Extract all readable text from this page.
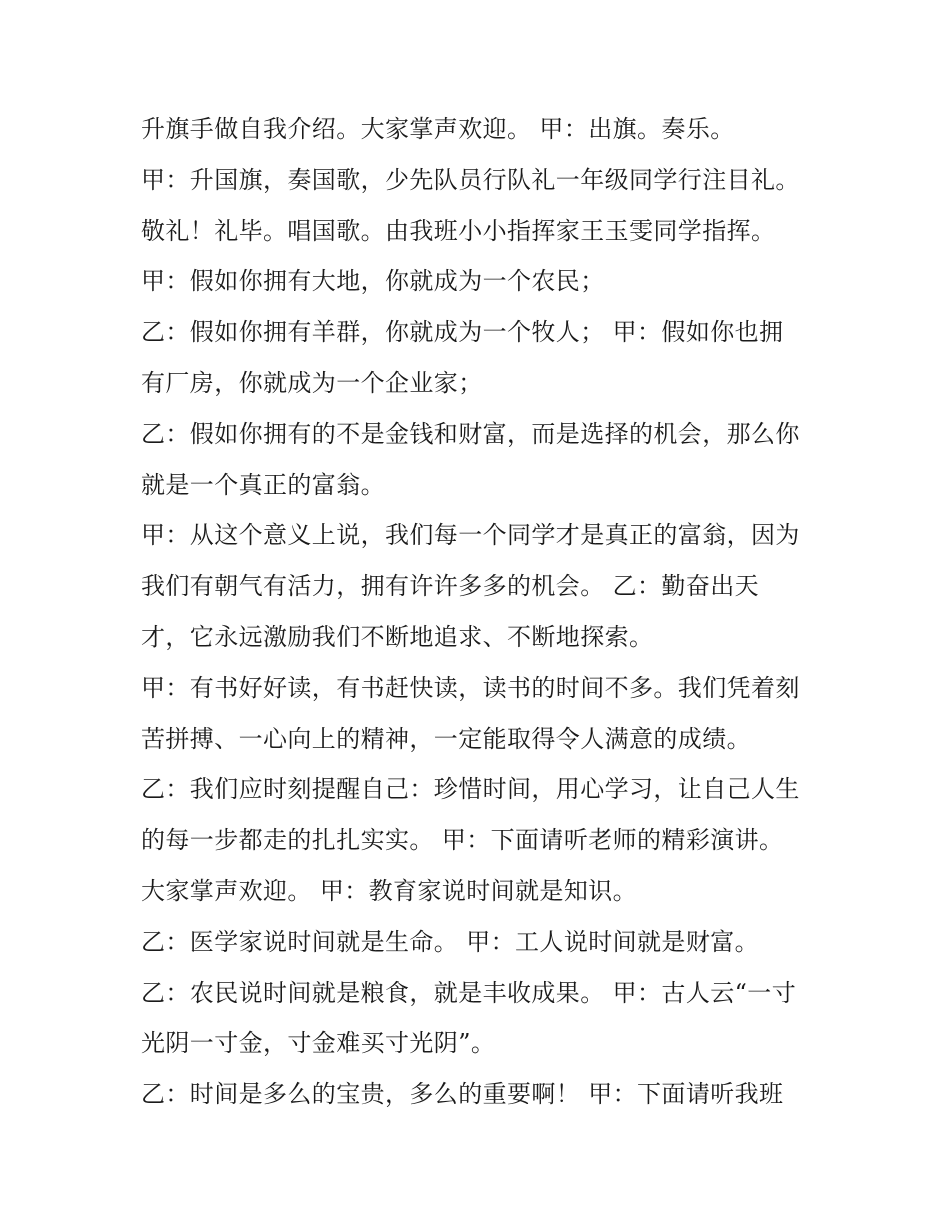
升旗手做自我介绍。大家掌声欢迎。 甲：出旗。奏乐。
甲：升国旗，奏国歌，少先队员行队礼一年级同学行注目礼。
敬礼！礼毕。唱国歌。由我班小小指挥家王玉雯同学指挥。
甲：假如你拥有大地，你就成为一个农民；
乙：假如你拥有羊群，你就成为一个牧人； 甲：假如你也拥
有厂房，你就成为一个企业家；
乙：假如你拥有的不是金钱和财富，而是选择的机会，那么你
就是一个真正的富翁。
甲：从这个意义上说，我们每一个同学才是真正的富翁，因为
我们有朝气有活力，拥有许许多多的机会。 乙：勤奋出天
才，它永远激励我们不断地追求、不断地探索。
甲：有书好好读，有书赶快读，读书的时间不多。我们凭着刻
苦拼搏、一心向上的精神，一定能取得令人满意的成绩。
乙：我们应时刻提醒自己：珍惜时间，用心学习，让自己人生
的每一步都走的扎扎实实。 甲：下面请听老师的精彩演讲。
大家掌声欢迎。 甲：教育家说时间就是知识。
乙：医学家说时间就是生命。 甲：工人说时间就是财富。
乙：农民说时间就是粮食，就是丰收成果。 甲：古人云“一寸
光阴一寸金，寸金难买寸光阴”。
乙：时间是多么的宝贵，多么的重要啊！ 甲：下面请听我班
